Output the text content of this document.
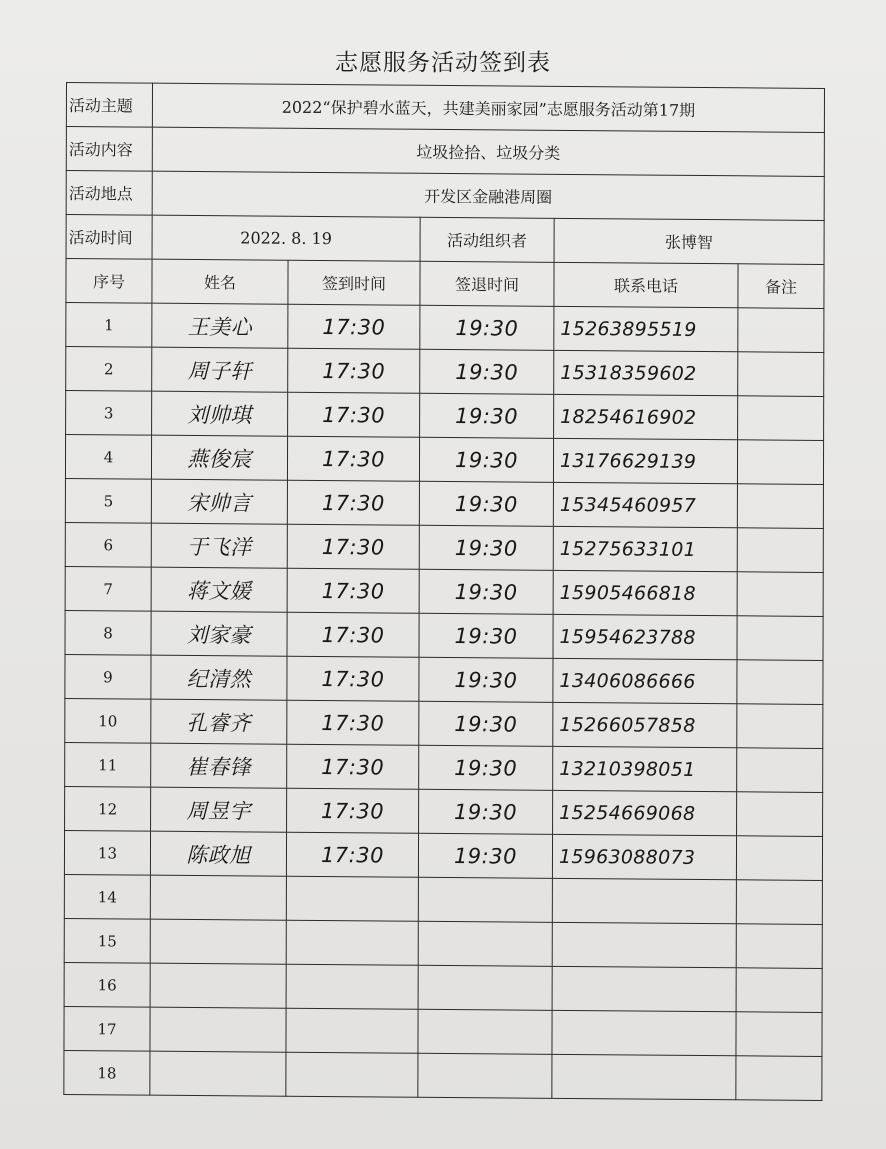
志愿服务活动签到表
活动主题	2022“保护碧水蓝天，共建美丽家园”志愿服务活动第17期				
活动内容	垃圾捡拾、垃圾分类				
活动地点	开发区金融港周圈				
活动时间	2022. 8. 19		活动组织者	张博智	
序号	姓名	签到时间	签退时间	联系电话	备注
1	王美心	17:30	19:30	15263895519	
2	周子轩	17:30	19:30	15318359602	
3	刘帅琪	17:30	19:30	18254616902	
4	燕俊宸	17:30	19:30	13176629139	
5	宋帅言	17:30	19:30	15345460957	
6	于飞洋	17:30	19:30	15275633101	
7	蒋文媛	17:30	19:30	15905466818	
8	刘家豪	17:30	19:30	15954623788	
9	纪清然	17:30	19:30	13406086666	
10	孔睿齐	17:30	19:30	15266057858	
11	崔春锋	17:30	19:30	13210398051	
12	周昱宇	17:30	19:30	15254669068	
13	陈政旭	17:30	19:30	15963088073	
14					
15					
16					
17					
18					
